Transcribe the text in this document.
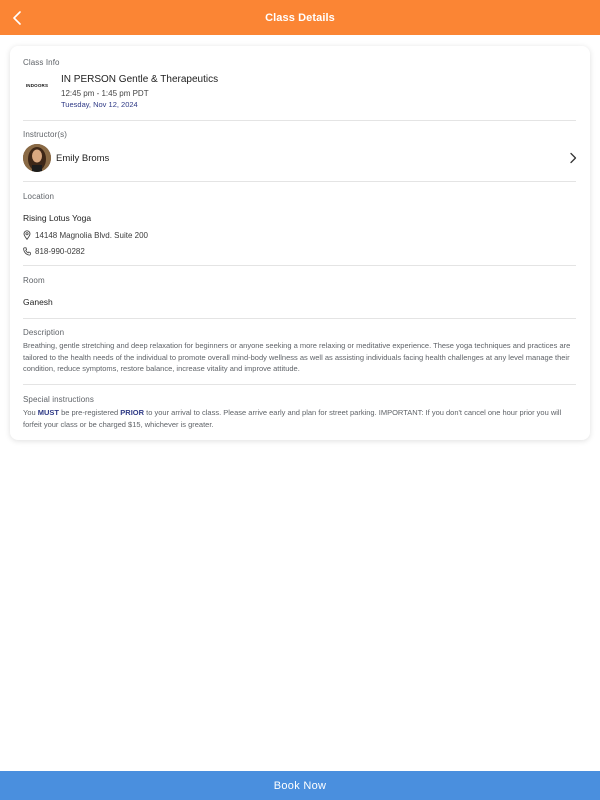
Class Details
Class Info
INDOORS IN PERSON Gentle & Therapeutics
12:45 pm - 1:45 pm PDT
Tuesday, Nov 12, 2024
Instructor(s)
Emily Broms
Location
Rising Lotus Yoga
14148 Magnolia Blvd. Suite 200
818-990-0282
Room
Ganesh
Description
Breathing, gentle stretching and deep relaxation for beginners or anyone seeking a more relaxing or meditative experience. These yoga techniques and practices are tailored to the health needs of the individual to promote overall mind-body wellness as well as assisting individuals facing health challenges at any level manage their condition, reduce symptoms, restore balance, increase vitality and improve attitude.
Special instructions
You MUST be pre-registered PRIOR to your arrival to class. Please arrive early and plan for street parking. IMPORTANT: If you don't cancel one hour prior you will forfeit your class or be charged $15, whichever is greater.
Book Now
